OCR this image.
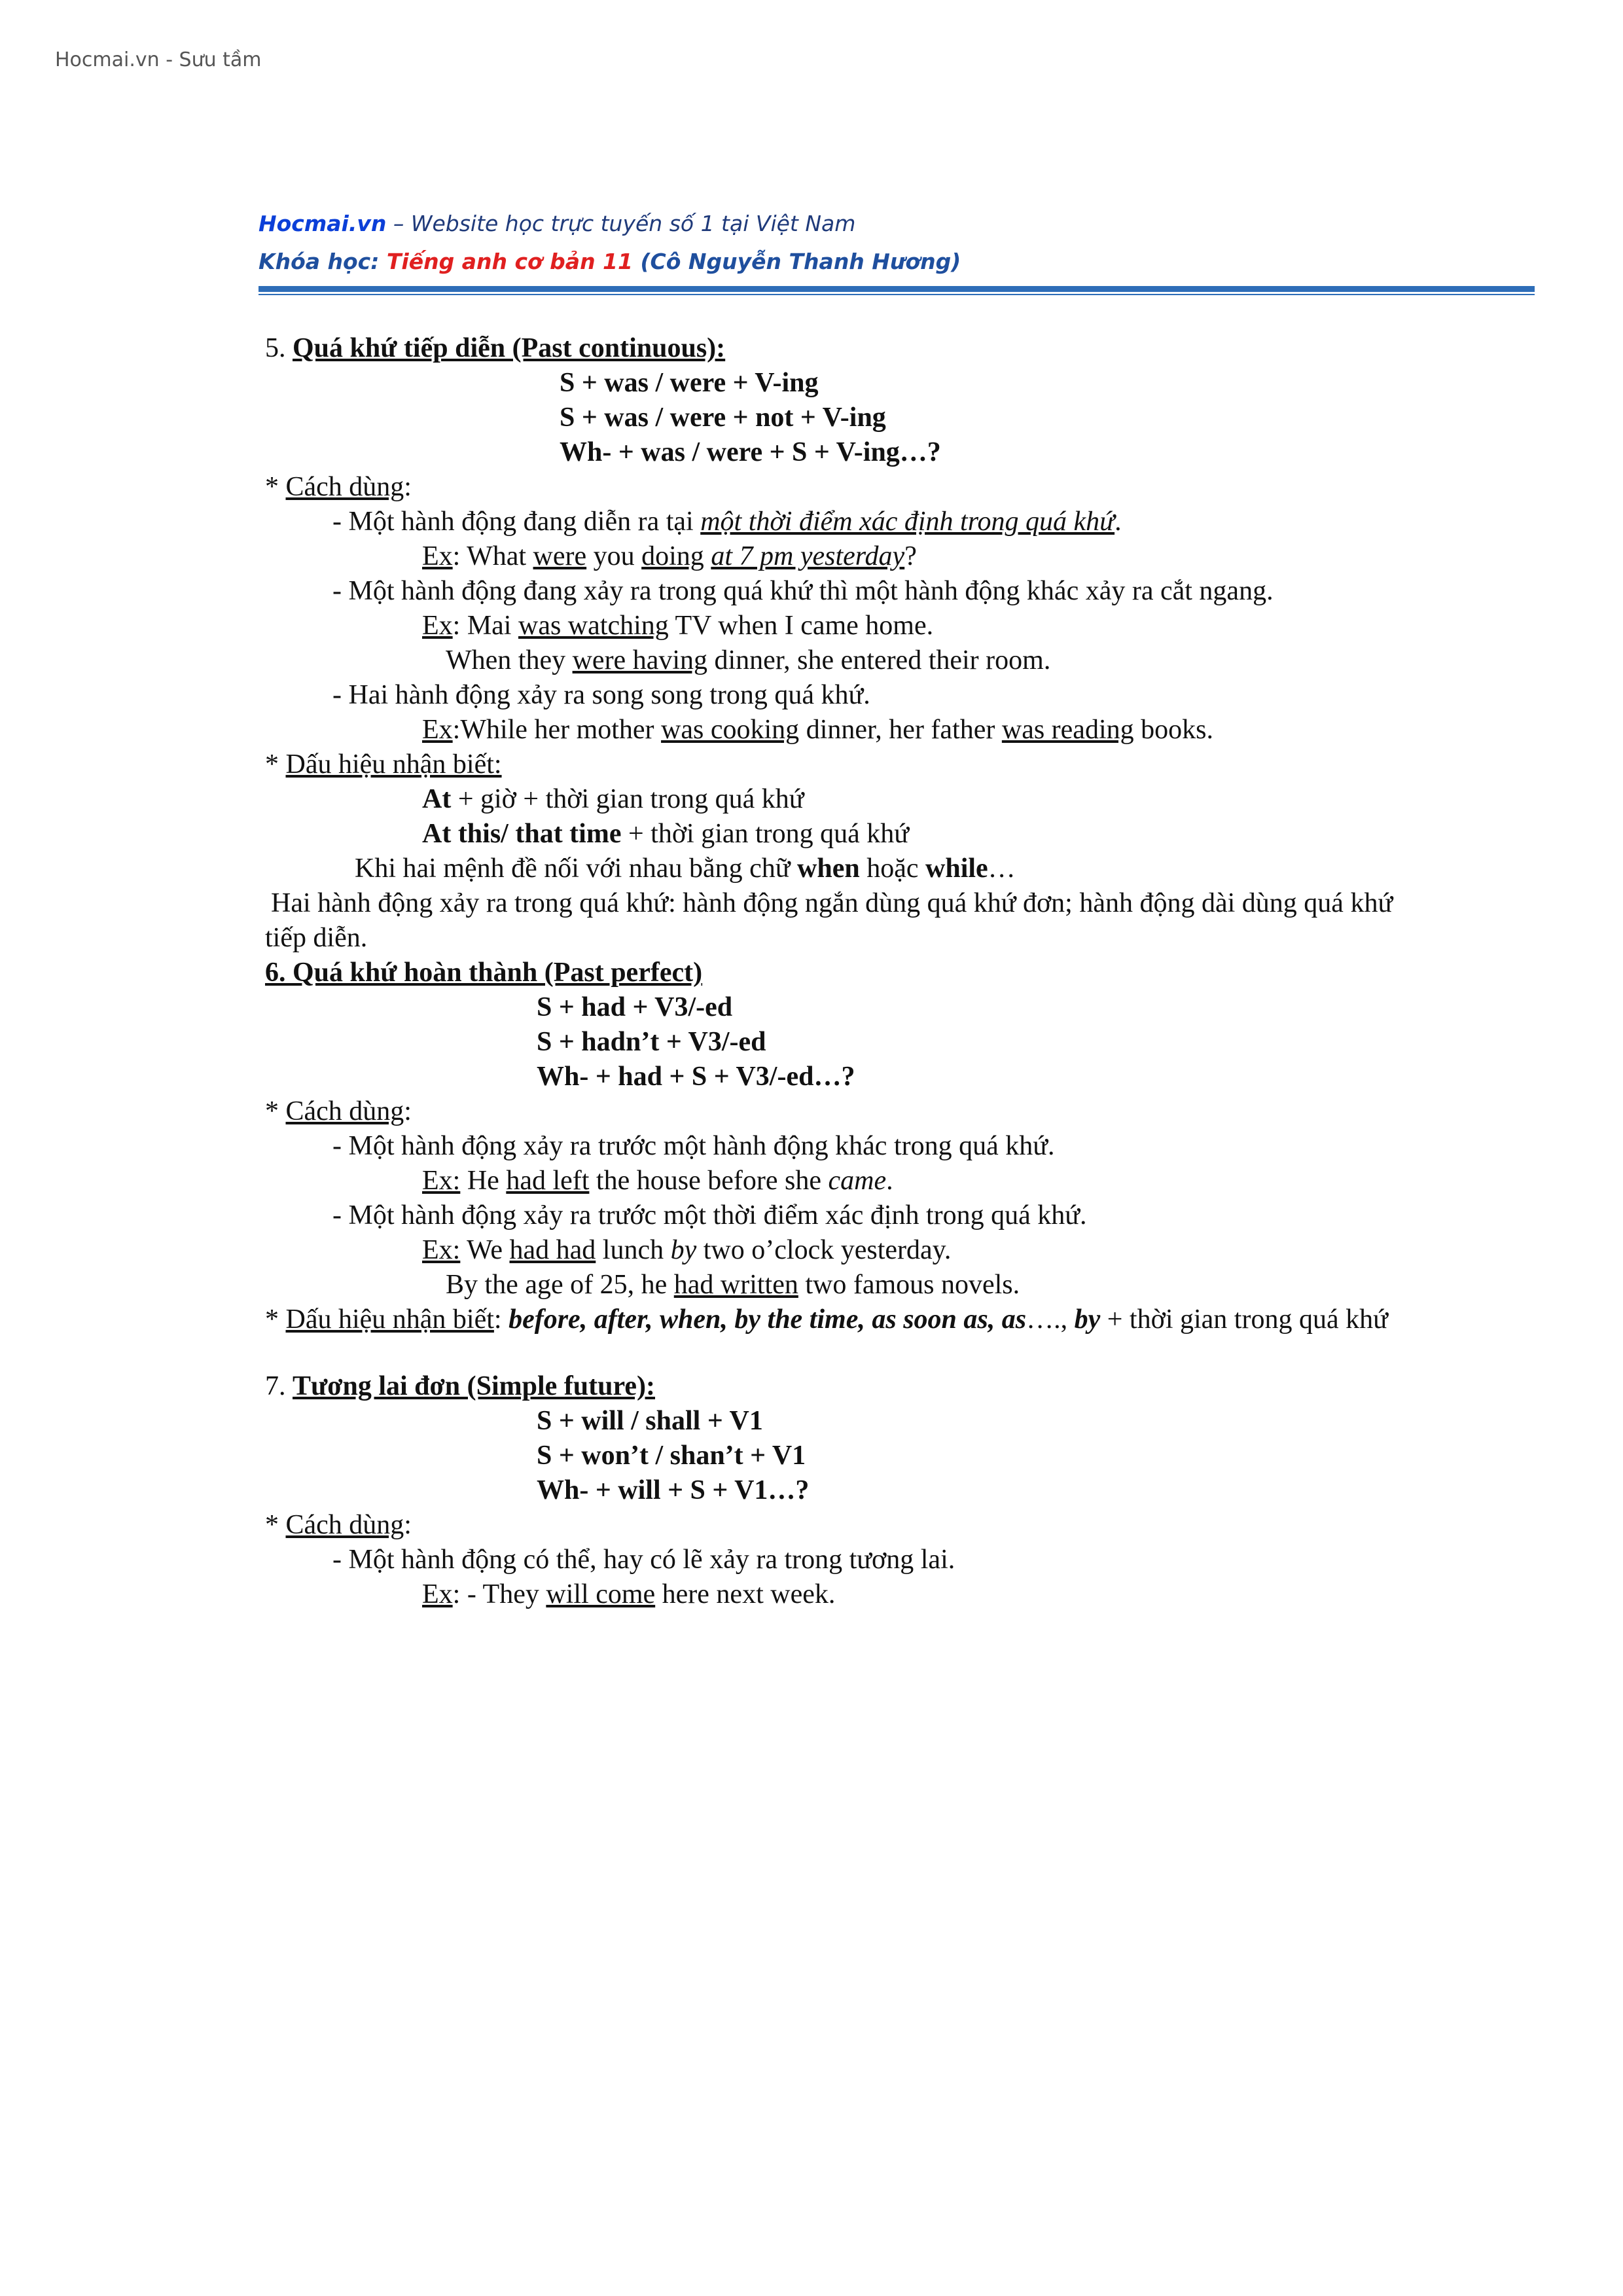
Hocmai.vn - Sưu tầm
Hocmai.vn – Website học trực tuyến số 1 tại Việt Nam
Khóa học: Tiếng anh cơ bản 11 (Cô Nguyễn Thanh Hương)
5. Quá khứ tiếp diễn (Past continuous):
S + was / were + V-ing
S + was / were + not + V-ing
Wh- + was / were + S + V-ing…?
* Cách dùng:
- Một hành động đang diễn ra tại một thời điểm xác định trong quá khứ.
Ex: What were you doing at 7 pm yesterday?
- Một hành động đang xảy ra trong quá khứ thì một hành động khác xảy ra cắt ngang.
Ex: Mai was watching TV when I came home.
When they were having dinner, she entered their room.
- Hai hành động xảy ra song song trong quá khứ.
Ex:While her mother was cooking dinner, her father was reading books.
* Dấu hiệu nhận biết:
At + giờ + thời gian trong quá khứ
At this/ that time + thời gian trong quá khứ
Khi hai mệnh đề nối với nhau bằng chữ when hoặc while…
Hai hành động xảy ra trong quá khứ: hành động ngắn dùng quá khứ đơn; hành động dài dùng quá khứ
tiếp diễn.
6. Quá khứ hoàn thành (Past perfect)
S + had + V3/-ed
S + hadn’t + V3/-ed
Wh- + had + S + V3/-ed…?
* Cách dùng:
- Một hành động xảy ra trước một hành động khác trong quá khứ.
Ex: He had left the house before she came.
- Một hành động xảy ra trước một thời điểm xác định trong quá khứ.
Ex: We had had lunch by two o’clock yesterday.
By the age of 25, he had written two famous novels.
* Dấu hiệu nhận biết: before, after, when, by the time, as soon as, as…., by + thời gian trong quá khứ
7. Tương lai đơn (Simple future):
S + will / shall + V1
S + won’t / shan’t + V1
Wh- + will + S + V1…?
* Cách dùng:
- Một hành động có thể, hay có lẽ xảy ra trong tương lai.
Ex: - They will come here next week.
